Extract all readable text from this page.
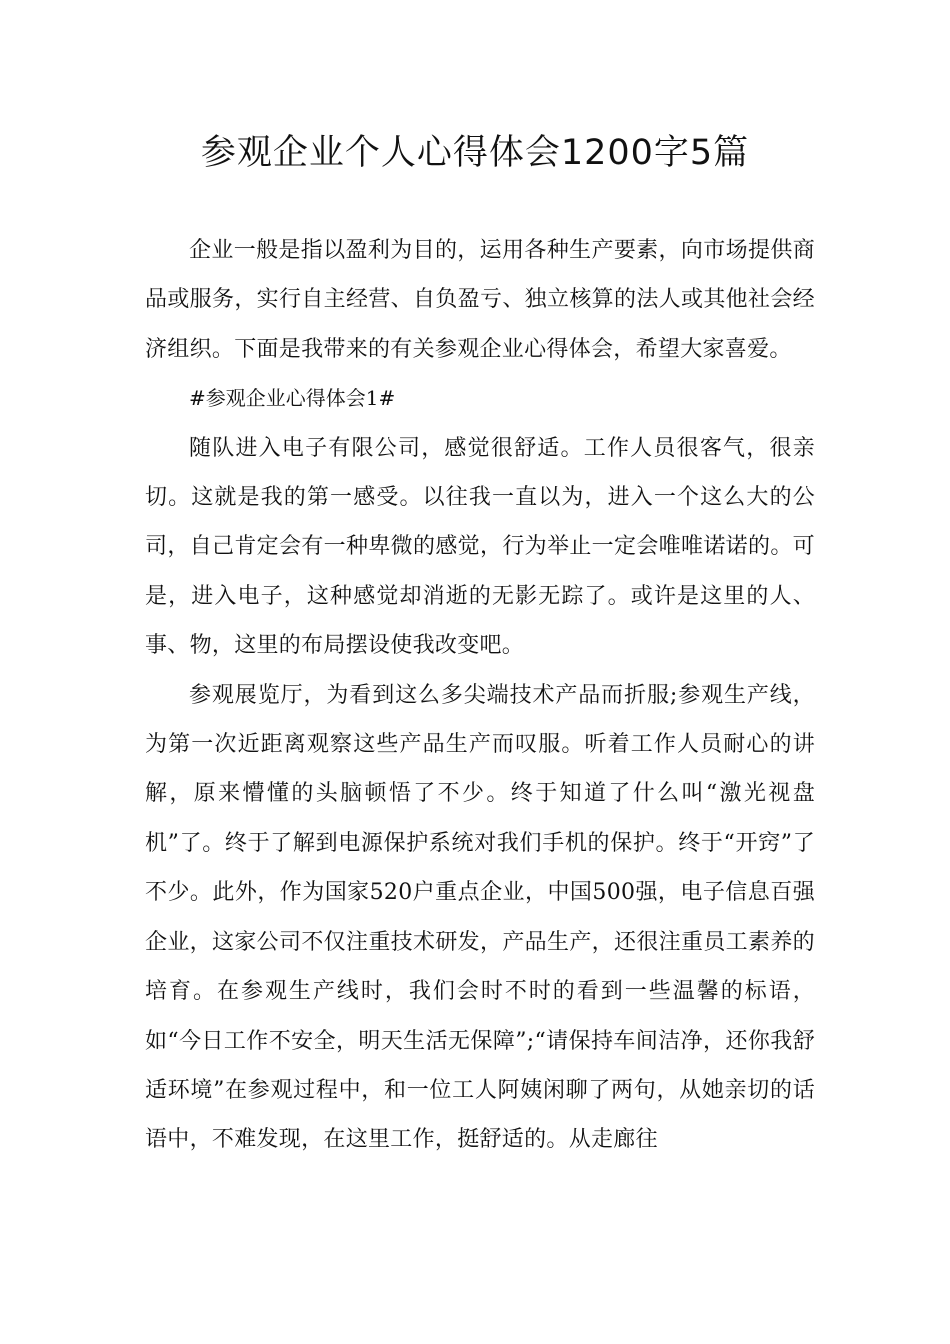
参观企业个人心得体会1200字5篇

企业一般是指以盈利为目的，运用各种生产要素，向市场提供商品或服务，实行自主经营、自负盈亏、独立核算的法人或其他社会经济组织。下面是我带来的有关参观企业心得体会，希望大家喜爱。

#参观企业心得体会1#

随队进入电子有限公司，感觉很舒适。工作人员很客气，很亲切。这就是我的第一感受。以往我一直以为，进入一个这么大的公司，自己肯定会有一种卑微的感觉，行为举止一定会唯唯诺诺的。可是，进入电子，这种感觉却消逝的无影无踪了。或许是这里的人、事、物，这里的布局摆设使我改变吧。

参观展览厅，为看到这么多尖端技术产品而折服;参观生产线，为第一次近距离观察这些产品生产而叹服。听着工作人员耐心的讲解，原来懵懂的头脑顿悟了不少。终于知道了什么叫“激光视盘机”了。终于了解到电源保护系统对我们手机的保护。终于“开窍”了不少。此外，作为国家520户重点企业，中国500强，电子信息百强企业，这家公司不仅注重技术研发，产品生产，还很注重员工素养的培育。在参观生产线时，我们会时不时的看到一些温馨的标语，如“今日工作不安全，明天生活无保障”;“请保持车间洁净，还你我舒适环境”在参观过程中，和一位工人阿姨闲聊了两句，从她亲切的话语中，不难发现，在这里工作，挺舒适的。从走廊往
